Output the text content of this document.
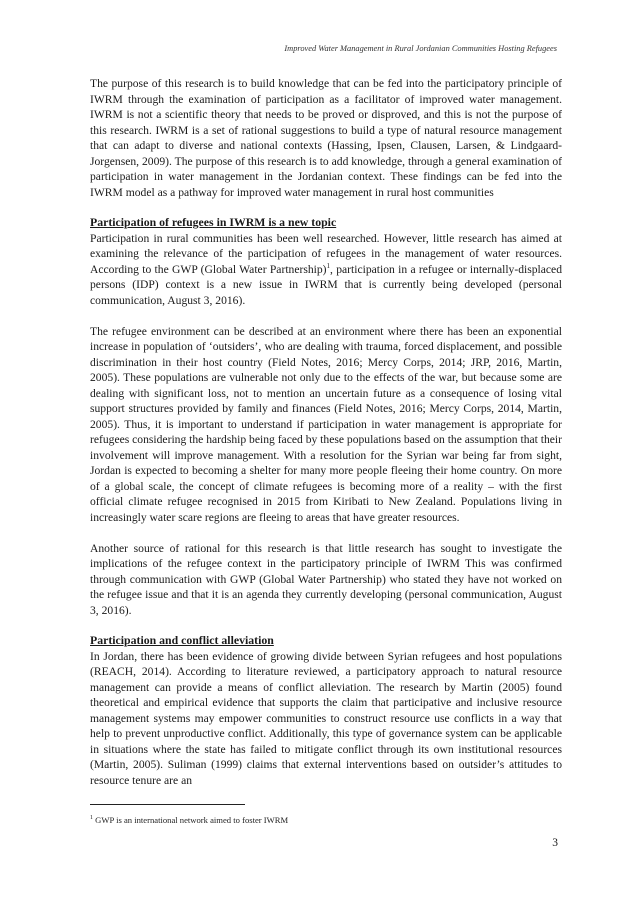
Improved Water Management in Rural Jordanian Communities Hosting Refugees

The purpose of this research is to build knowledge that can be fed into the participatory principle of IWRM through the examination of participation as a facilitator of improved water management. IWRM is not a scientific theory that needs to be proved or disproved, and this is not the purpose of this research. IWRM is a set of rational suggestions to build a type of natural resource management that can adapt to diverse and national contexts (Hassing, Ipsen, Clausen, Larsen, & Lindgaard-Jorgensen, 2009). The purpose of this research is to add knowledge, through a general examination of participation in water management in the Jordanian context. These findings can be fed into the IWRM model as a pathway for improved water management in rural host communities

Participation of refugees in IWRM is a new topic

Participation in rural communities has been well researched. However, little research has aimed at examining the relevance of the participation of refugees in the management of water resources. According to the GWP (Global Water Partnership)$^1$, participation in a refugee or internally-displaced persons (IDP) context is a new issue in IWRM that is currently being developed (personal communication, August 3, 2016).

The refugee environment can be described at an environment where there has been an exponential increase in population of ‘outsiders’, who are dealing with trauma, forced displacement, and possible discrimination in their host country (Field Notes, 2016; Mercy Corps, 2014; JRP, 2016, Martin, 2005). These populations are vulnerable not only due to the effects of the war, but because some are dealing with significant loss, not to mention an uncertain future as a consequence of losing vital support structures provided by family and finances (Field Notes, 2016; Mercy Corps, 2014, Martin, 2005). Thus, it is important to understand if participation in water management is appropriate for refugees considering the hardship being faced by these populations based on the assumption that their involvement will improve management. With a resolution for the Syrian war being far from sight, Jordan is expected to becoming a shelter for many more people fleeing their home country. On more of a global scale, the concept of climate refugees is becoming more of a reality – with the first official climate refugee recognised in 2015 from Kiribati to New Zealand. Populations living in increasingly water scare regions are fleeing to areas that have greater resources.

Another source of rational for this research is that little research has sought to investigate the implications of the refugee context in the participatory principle of IWRM This was confirmed through communication with GWP (Global Water Partnership) who stated they have not worked on the refugee issue and that it is an agenda they currently developing (personal communication, August 3, 2016).

Participation and conflict alleviation

In Jordan, there has been evidence of growing divide between Syrian refugees and host populations (REACH, 2014). According to literature reviewed, a participatory approach to natural resource management can provide a means of conflict alleviation. The research by Martin (2005) found theoretical and empirical evidence that supports the claim that participative and inclusive resource management systems may empower communities to construct resource use conflicts in a way that help to prevent unproductive conflict. Additionally, this type of governance system can be applicable in situations where the state has failed to mitigate conflict through its own institutional resources (Martin, 2005). Suliman (1999) claims that external interventions based on outsider’s attitudes to resource tenure are an

$^1$ GWP is an international network aimed to foster IWRM
3
